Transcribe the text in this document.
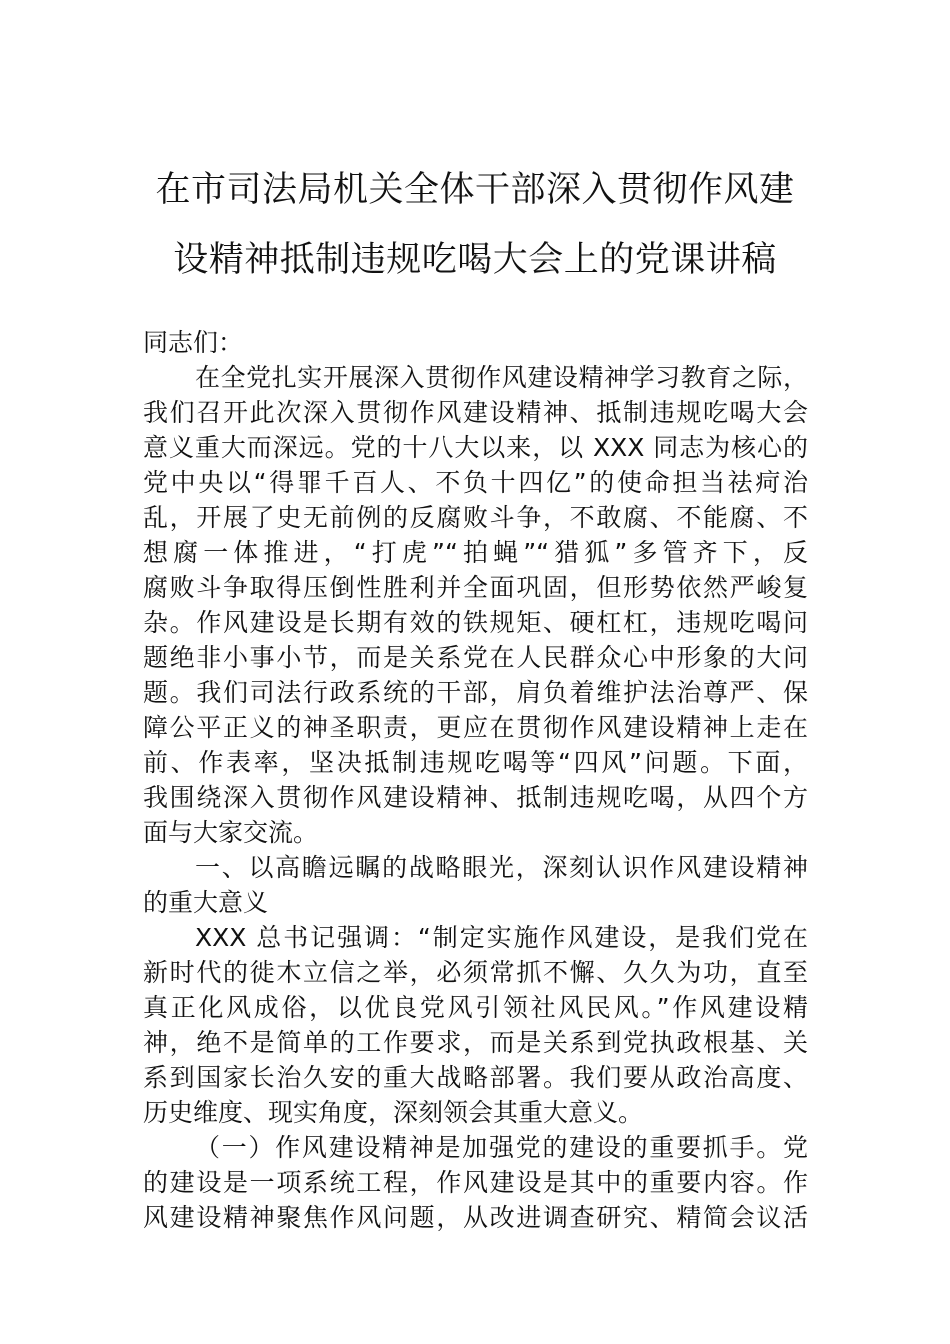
在市司法局机关全体干部深入贯彻作风建
设精神抵制违规吃喝大会上的党课讲稿
同志们：
在全党扎实开展深入贯彻作风建设精神学习教育之际，
我们召开此次深入贯彻作风建设精神、抵制违规吃喝大会
意义重大而深远。党的十八大以来，以 XXX 同志为核心的
党中央以“得罪千百人、不负十四亿”的使命担当祛疴治
乱，开展了史无前例的反腐败斗争，不敢腐、不能腐、不
想腐一体推进，“打虎”“拍蝇”“猎狐”多管齐下，反
腐败斗争取得压倒性胜利并全面巩固，但形势依然严峻复
杂。作风建设是长期有效的铁规矩、硬杠杠，违规吃喝问
题绝非小事小节，而是关系党在人民群众心中形象的大问
题。我们司法行政系统的干部，肩负着维护法治尊严、保
障公平正义的神圣职责，更应在贯彻作风建设精神上走在
前、作表率，坚决抵制违规吃喝等“四风”问题。下面，
我围绕深入贯彻作风建设精神、抵制违规吃喝，从四个方
面与大家交流。
一、以高瞻远瞩的战略眼光，深刻认识作风建设精神
的重大意义
XXX 总书记强调：“制定实施作风建设，是我们党在
新时代的徙木立信之举，必须常抓不懈、久久为功，直至
真正化风成俗，以优良党风引领社风民风。”作风建设精
神，绝不是简单的工作要求，而是关系到党执政根基、关
系到国家长治久安的重大战略部署。我们要从政治高度、
历史维度、现实角度，深刻领会其重大意义。
（一）作风建设精神是加强党的建设的重要抓手。党
的建设是一项系统工程，作风建设是其中的重要内容。作
风建设精神聚焦作风问题，从改进调查研究、精简会议活
